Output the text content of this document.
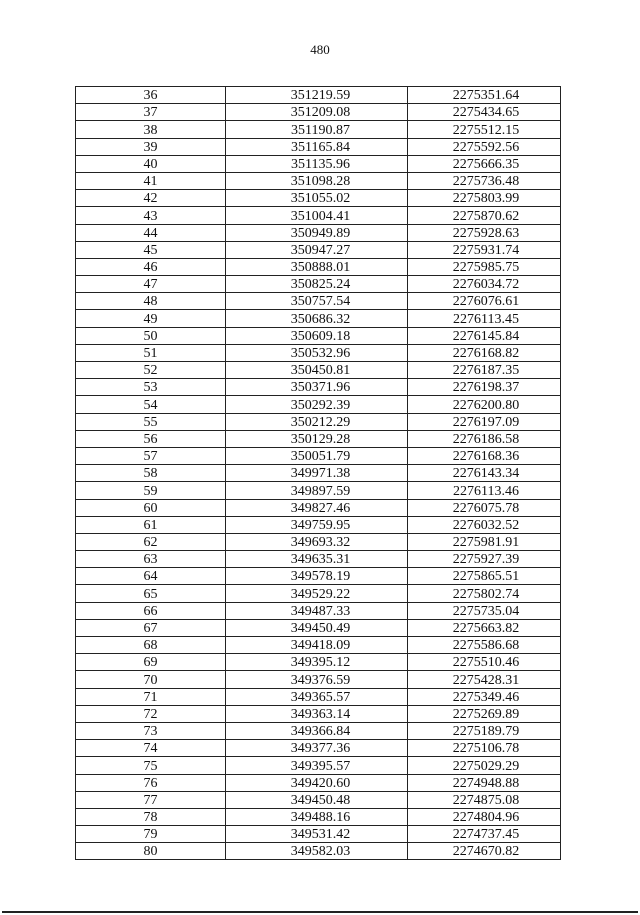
480
36	351219.59	2275351.64
37	351209.08	2275434.65
38	351190.87	2275512.15
39	351165.84	2275592.56
40	351135.96	2275666.35
41	351098.28	2275736.48
42	351055.02	2275803.99
43	351004.41	2275870.62
44	350949.89	2275928.63
45	350947.27	2275931.74
46	350888.01	2275985.75
47	350825.24	2276034.72
48	350757.54	2276076.61
49	350686.32	2276113.45
50	350609.18	2276145.84
51	350532.96	2276168.82
52	350450.81	2276187.35
53	350371.96	2276198.37
54	350292.39	2276200.80
55	350212.29	2276197.09
56	350129.28	2276186.58
57	350051.79	2276168.36
58	349971.38	2276143.34
59	349897.59	2276113.46
60	349827.46	2276075.78
61	349759.95	2276032.52
62	349693.32	2275981.91
63	349635.31	2275927.39
64	349578.19	2275865.51
65	349529.22	2275802.74
66	349487.33	2275735.04
67	349450.49	2275663.82
68	349418.09	2275586.68
69	349395.12	2275510.46
70	349376.59	2275428.31
71	349365.57	2275349.46
72	349363.14	2275269.89
73	349366.84	2275189.79
74	349377.36	2275106.78
75	349395.57	2275029.29
76	349420.60	2274948.88
77	349450.48	2274875.08
78	349488.16	2274804.96
79	349531.42	2274737.45
80	349582.03	2274670.82
